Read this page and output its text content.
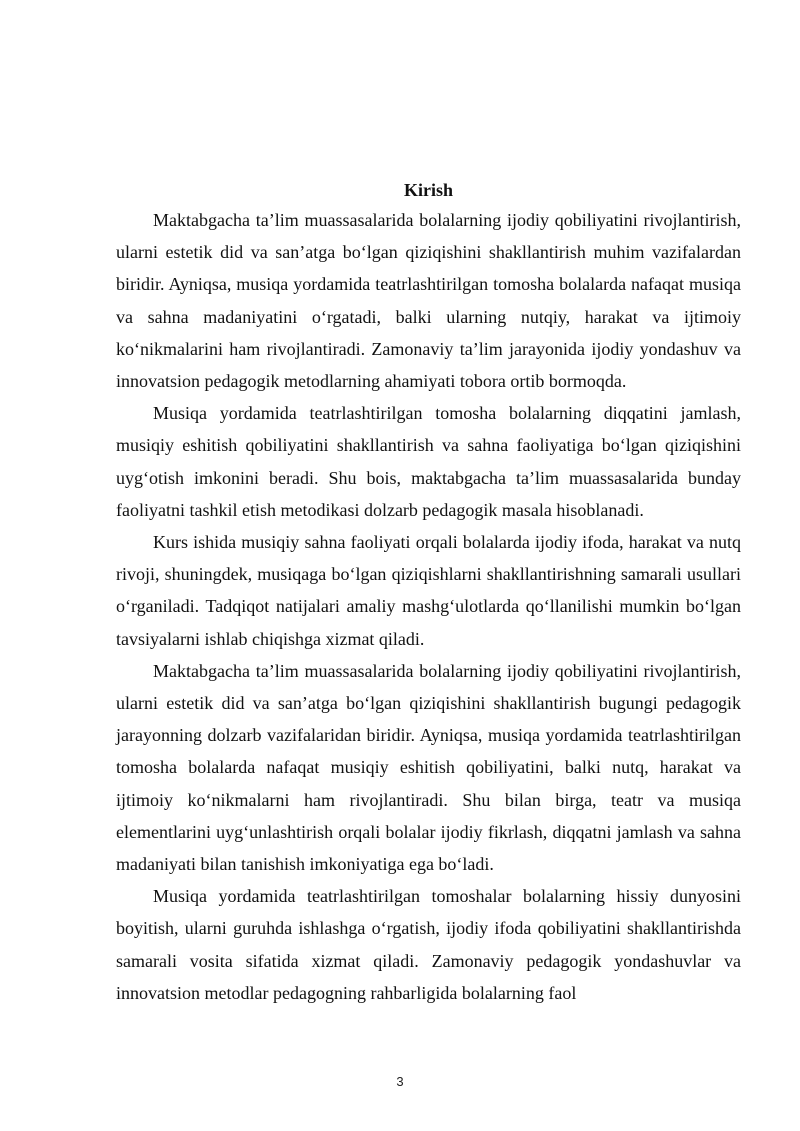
Kirish

Maktabgacha ta’lim muassasalarida bolalarning ijodiy qobiliyatini rivojlantirish, ularni estetik did va san’atga bo‘lgan qiziqishini shakllantirish muhim vazifalardan biridir. Ayniqsa, musiqa yordamida teatrlashtirilgan tomosha bolalarda nafaqat musiqa va sahna madaniyatini o‘rgatadi, balki ularning nutqiy, harakat va ijtimoiy ko‘nikmalarini ham rivojlantiradi. Zamonaviy ta’lim jarayonida ijodiy yondashuv va innovatsion pedagogik metodlarning ahamiyati tobora ortib bormoqda.

Musiqa yordamida teatrlashtirilgan tomosha bolalarning diqqatini jamlash, musiqiy eshitish qobiliyatini shakllantirish va sahna faoliyatiga bo‘lgan qiziqishini uyg‘otish imkonini beradi. Shu bois, maktabgacha ta’lim muassasalarida bunday faoliyatni tashkil etish metodikasi dolzarb pedagogik masala hisoblanadi.

Kurs ishida musiqiy sahna faoliyati orqali bolalarda ijodiy ifoda, harakat va nutq rivoji, shuningdek, musiqaga bo‘lgan qiziqishlarni shakllantirishning samarali usullari o‘rganiladi. Tadqiqot natijalari amaliy mashg‘ulotlarda qo‘llanilishi mumkin bo‘lgan tavsiyalarni ishlab chiqishga xizmat qiladi.

Maktabgacha ta’lim muassasalarida bolalarning ijodiy qobiliyatini rivojlantirish, ularni estetik did va san’atga bo‘lgan qiziqishini shakllantirish bugungi pedagogik jarayonning dolzarb vazifalaridan biridir. Ayniqsa, musiqa yordamida teatrlashtirilgan tomosha bolalarda nafaqat musiqiy eshitish qobiliyatini, balki nutq, harakat va ijtimoiy ko‘nikmalarni ham rivojlantiradi. Shu bilan birga, teatr va musiqa elementlarini uyg‘unlashtirish orqali bolalar ijodiy fikrlash, diqqatni jamlash va sahna madaniyati bilan tanishish imkoniyatiga ega bo‘ladi.

Musiqa yordamida teatrlashtirilgan tomoshalar bolalarning hissiy dunyosini boyitish, ularni guruhda ishlashga o‘rgatish, ijodiy ifoda qobiliyatini shakllantirishda samarali vosita sifatida xizmat qiladi. Zamonaviy pedagogik yondashuvlar va innovatsion metodlar pedagogning rahbarligida bolalarning faol

3
